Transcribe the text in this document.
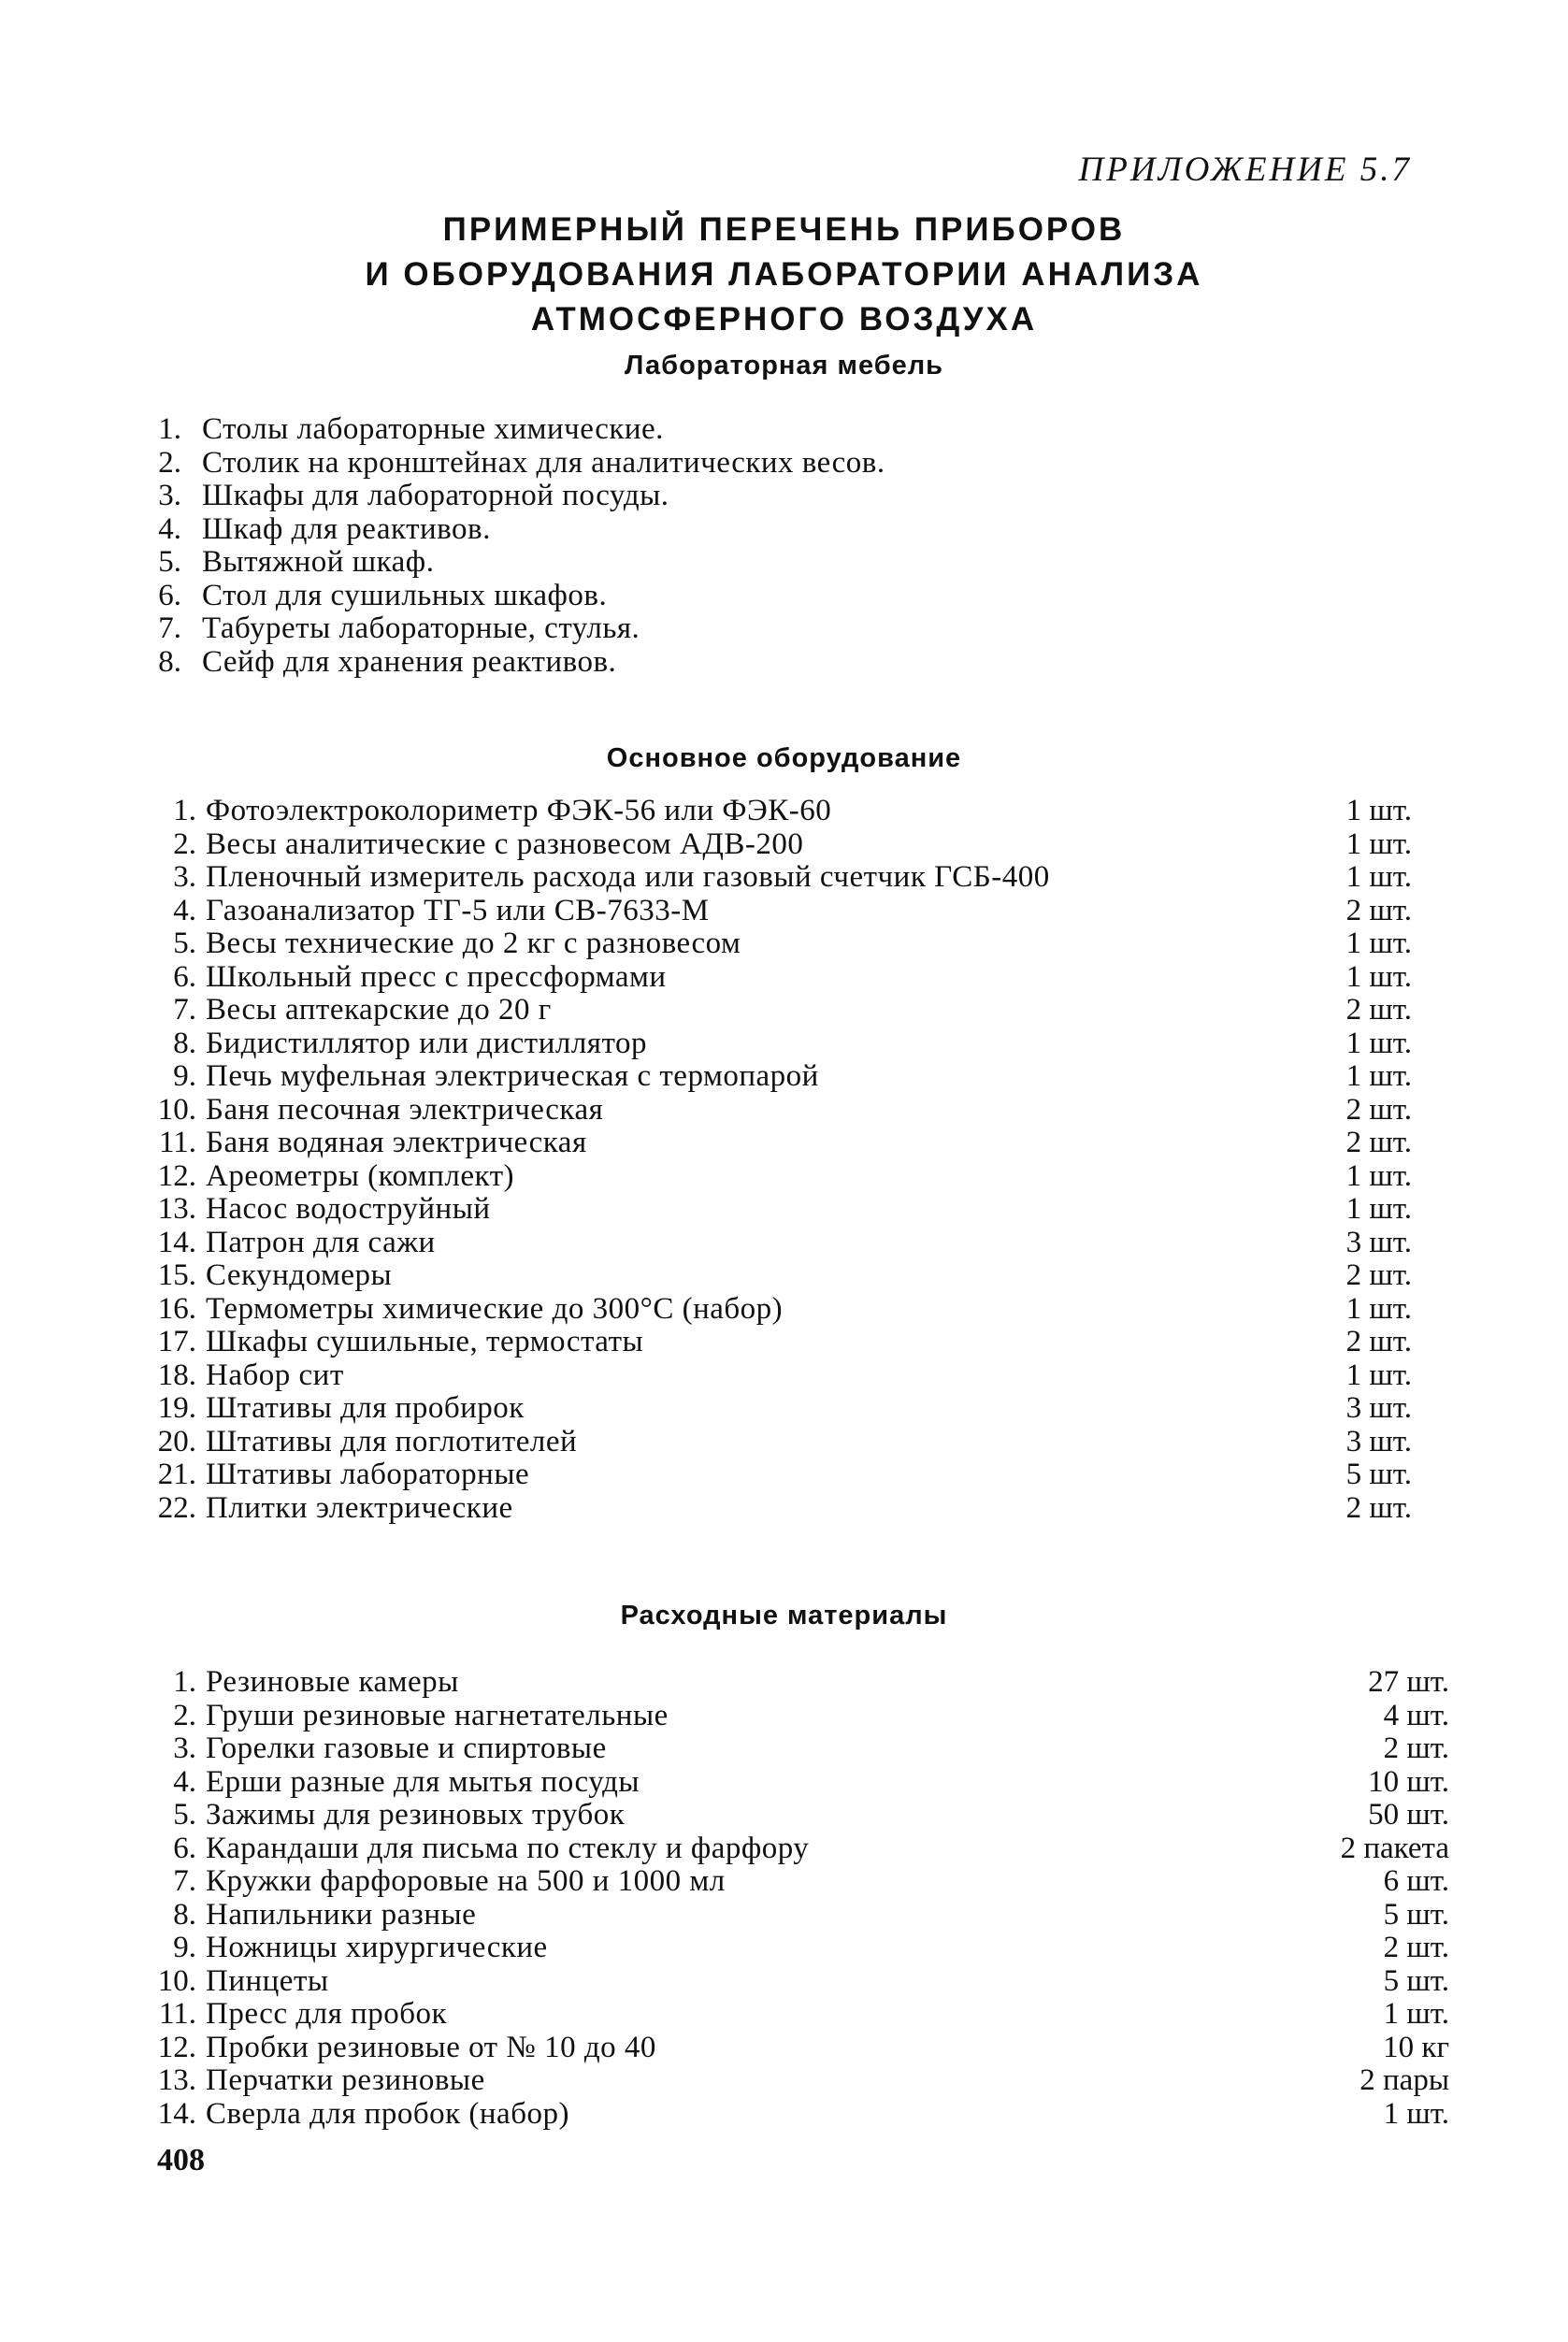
ПРИЛОЖЕНИЕ 5.7
ПРИМЕРНЫЙ ПЕРЕЧЕНЬ ПРИБОРОВ
И ОБОРУДОВАНИЯ ЛАБОРАТОРИИ АНАЛИЗА
АТМОСФЕРНОГО ВОЗДУХА
Лабораторная мебель
1. Столы лабораторные химические.
2. Столик на кронштейнах для аналитических весов.
3. Шкафы для лабораторной посуды.
4. Шкаф для реактивов.
5. Вытяжной шкаф.
6. Стол для сушильных шкафов.
7. Табуреты лабораторные, стулья.
8. Сейф для хранения реактивов.
Основное оборудование
1. Фотоэлектроколориметр ФЭК-56 или ФЭК-60	1 шт.
2. Весы аналитические с разновесом АДВ-200	1 шт.
3. Пленочный измеритель расхода или газовый счетчик ГСБ-400	1 шт.
4. Газоанализатор ТГ-5 или СВ-7633-М	2 шт.
5. Весы технические до 2 кг с разновесом	1 шт.
6. Школьный пресс с прессформами	1 шт.
7. Весы аптекарские до 20 г	2 шт.
8. Бидистиллятор или дистиллятор	1 шт.
9. Печь муфельная электрическая с термопарой	1 шт.
10. Баня песочная электрическая	2 шт.
11. Баня водяная электрическая	2 шт.
12. Ареометры (комплект)	1 шт.
13. Насос водоструйный	1 шт.
14. Патрон для сажи	3 шт.
15. Секундомеры	2 шт.
16. Термометры химические до 300°С (набор)	1 шт.
17. Шкафы сушильные, термостаты	2 шт.
18. Набор сит	1 шт.
19. Штативы для пробирок	3 шт.
20. Штативы для поглотителей	3 шт.
21. Штативы лабораторные	5 шт.
22. Плитки электрические	2 шт.
Расходные материалы
1. Резиновые камеры	27 шт.
2. Груши резиновые нагнетательные	4 шт.
3. Горелки газовые и спиртовые	2 шт.
4. Ерши разные для мытья посуды	10 шт.
5. Зажимы для резиновых трубок	50 шт.
6. Карандаши для письма по стеклу и фарфору	2 пакета
7. Кружки фарфоровые на 500 и 1000 мл	6 шт.
8. Напильники разные	5 шт.
9. Ножницы хирургические	2 шт.
10. Пинцеты	5 шт.
11. Пресс для пробок	1 шт.
12. Пробки резиновые от № 10 до 40	10 кг
13. Перчатки резиновые	2 пары
14. Сверла для пробок (набор)	1 шт.
408
